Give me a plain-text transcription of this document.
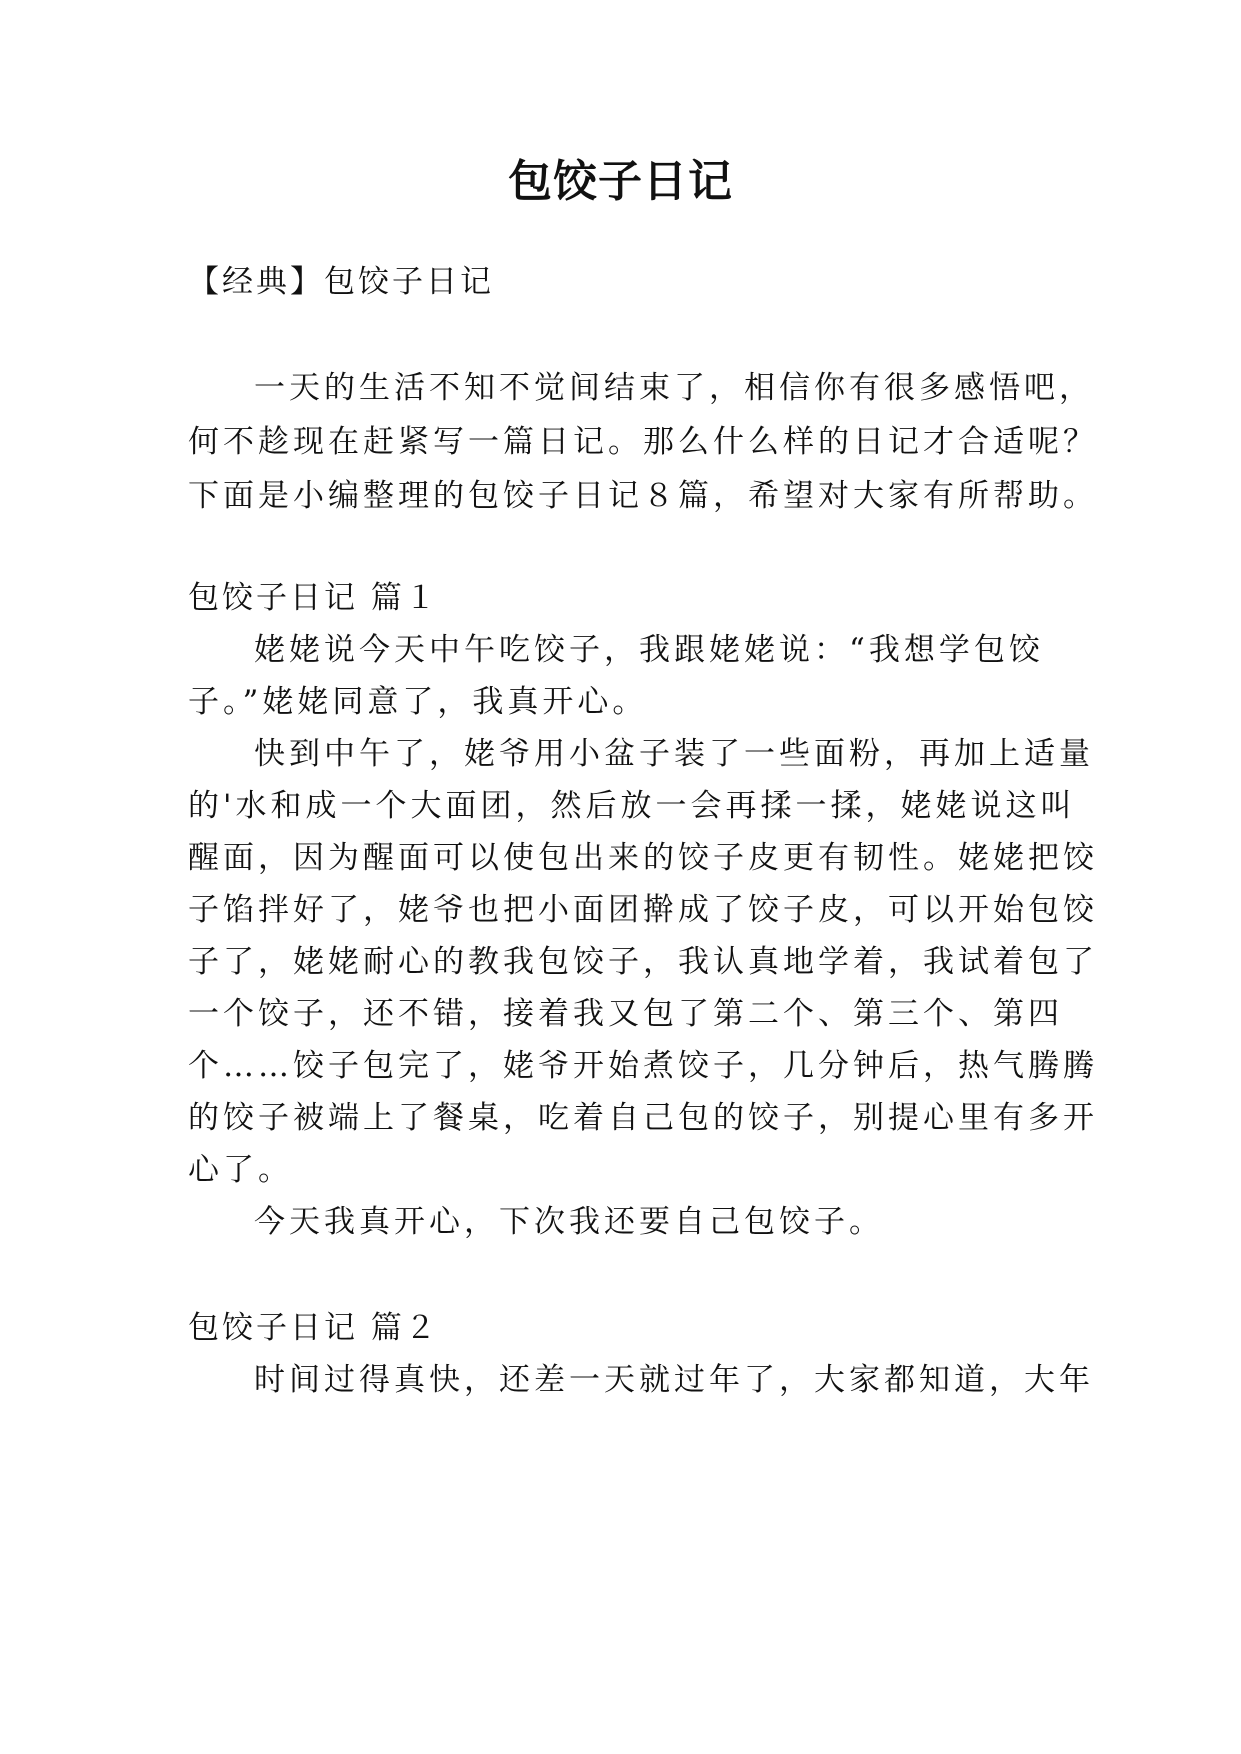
包饺子日记
【经典】包饺子日记
一天的生活不知不觉间结束了，相信你有很多感悟吧，
何不趁现在赶紧写一篇日记。那么什么样的日记才合适呢？
下面是小编整理的包饺子日记８篇，希望对大家有所帮助。
包饺子日记 篇１
姥姥说今天中午吃饺子，我跟姥姥说：“我想学包饺
子。”姥姥同意了，我真开心。
快到中午了，姥爷用小盆子装了一些面粉，再加上适量
的'水和成一个大面团，然后放一会再揉一揉，姥姥说这叫
醒面，因为醒面可以使包出来的饺子皮更有韧性。姥姥把饺
子馅拌好了，姥爷也把小面团擀成了饺子皮，可以开始包饺
子了，姥姥耐心的教我包饺子，我认真地学着，我试着包了
一个饺子，还不错，接着我又包了第二个、第三个、第四
个……饺子包完了，姥爷开始煮饺子，几分钟后，热气腾腾
的饺子被端上了餐桌，吃着自己包的饺子，别提心里有多开
心了。
今天我真开心，下次我还要自己包饺子。
包饺子日记 篇２
时间过得真快，还差一天就过年了，大家都知道，大年
